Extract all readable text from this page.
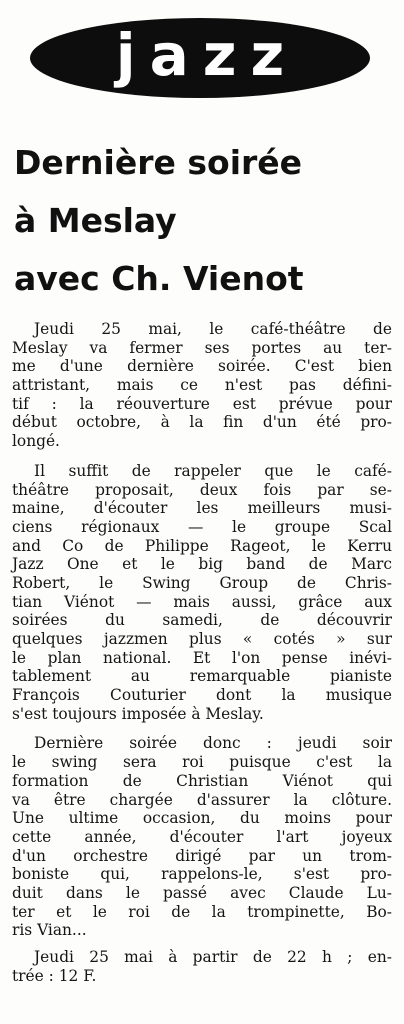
jazz
Dernière soirée
à Meslay
avec Ch. Vienot
Jeudi 25 mai, le café-théâtre de
Meslay va fermer ses portes au ter-
me d'une dernière soirée. C'est bien
attristant, mais ce n'est pas défini-
tif : la réouverture est prévue pour
début octobre, à la fin d'un été pro-
longé.
Il suffit de rappeler que le café-
théâtre proposait, deux fois par se-
maine, d'écouter les meilleurs musi-
ciens régionaux — le groupe Scal
and Co de Philippe Rageot, le Kerru
Jazz One et le big band de Marc
Robert, le Swing Group de Chris-
tian Viénot — mais aussi, grâce aux
soirées du samedi, de découvrir
quelques jazzmen plus « cotés » sur
le plan national. Et l'on pense inévi-
tablement au remarquable pianiste
François Couturier dont la musique
s'est toujours imposée à Meslay.
Dernière soirée donc : jeudi soir
le swing sera roi puisque c'est la
formation de Christian Viénot qui
va être chargée d'assurer la clôture.
Une ultime occasion, du moins pour
cette année, d'écouter l'art joyeux
d'un orchestre dirigé par un trom-
boniste qui, rappelons-le, s'est pro-
duit dans le passé avec Claude Lu-
ter et le roi de la trompinette, Bo-
ris Vian...
Jeudi 25 mai à partir de 22 h ; en-
trée : 12 F.
